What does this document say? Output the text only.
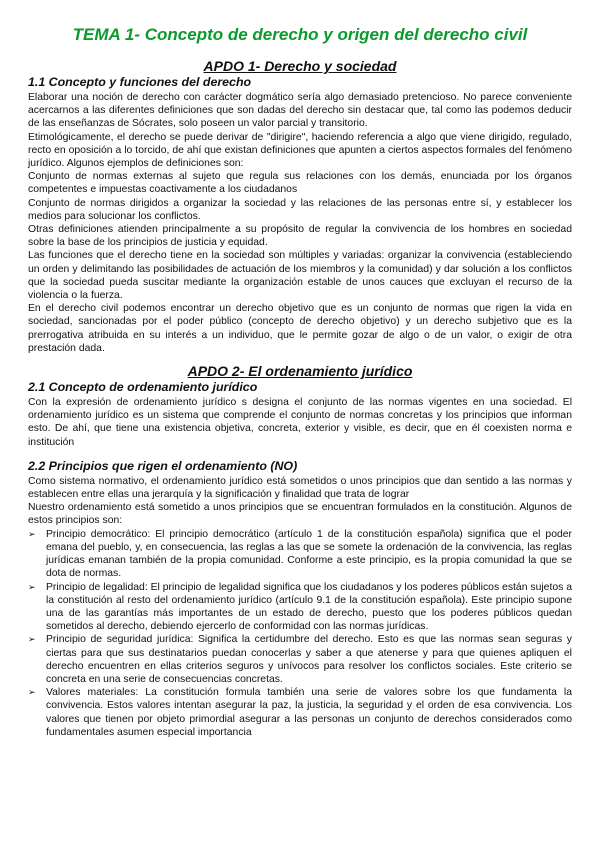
TEMA 1- Concepto de derecho y origen del derecho civil
APDO 1- Derecho y sociedad
1.1 Concepto y funciones del derecho

Elaborar una noción de derecho con carácter dogmático sería algo demasiado pretencioso. No parece conveniente acercarnos a las diferentes definiciones que son dadas del derecho sin destacar que, tal como las podemos deducir de las enseñanzas de Sócrates, solo poseen un valor parcial y transitorio.

Etimológicamente, el derecho se puede derivar de "dirigire", haciendo referencia a algo que viene dirigido, regulado, recto en oposición a lo torcido, de ahí que existan definiciones que apunten a ciertos aspectos formales del fenómeno jurídico. Algunos ejemplos de definiciones son:

Conjunto de normas externas al sujeto que regula sus relaciones con los demás, enunciada por los órganos competentes e impuestas coactivamente a los ciudadanos

Conjunto de normas dirigidos a organizar la sociedad y las relaciones de las personas entre sí, y establecer los medios para solucionar los conflictos.

Otras definiciones atienden principalmente a su propósito de regular la convivencia de los hombres en sociedad sobre la base de los principios de justicia y equidad.

Las funciones que el derecho tiene en la sociedad son múltiples y variadas: organizar la convivencia (estableciendo un orden y delimitando las posibilidades de actuación de los miembros y la comunidad) y dar solución a los conflictos que la sociedad pueda suscitar mediante la organización estable de unos cauces que excluyan el recurso de la violencia o la fuerza.

En el derecho civil podemos encontrar un derecho objetivo que es un conjunto de normas que rigen la vida en sociedad, sancionadas por el poder público (concepto de derecho objetivo) y un derecho subjetivo que es la prerrogativa atribuida en su interés a un individuo, que le permite gozar de algo o de un valor, o exigir de otra prestación dada.

APDO 2- El ordenamiento jurídico
2.1 Concepto de ordenamiento jurídico

Con la expresión de ordenamiento jurídico s designa el conjunto de las normas vigentes en una sociedad. El ordenamiento jurídico es un sistema que comprende el conjunto de normas concretas y los principios que informan esto. De ahí, que tiene una existencia objetiva, concreta, exterior y visible, es decir, que en él coexisten norma e institución

2.2 Principios que rigen el ordenamiento (NO)

Como sistema normativo, el ordenamiento jurídico está sometidos o unos principios que dan sentido a las normas y establecen entre ellas una jerarquía y la significación y finalidad que trata de lograr

Nuestro ordenamiento está sometido a unos principios que se encuentran formulados en la constitución. Algunos de estos principios son:

➢ Principio democrático: El principio democrático (artículo 1 de la constitución española) significa que el poder emana del pueblo, y, en consecuencia, las reglas a las que se somete la ordenación de la convivencia, las reglas jurídicas emanan también de la propia comunidad. Conforme a este principio, es la propia comunidad la que se dota de normas.
➢ Principio de legalidad: El principio de legalidad significa que los ciudadanos y los poderes públicos están sujetos a la constitución al resto del ordenamiento jurídico (artículo 9.1 de la constitución española). Este principio supone una de las garantías más importantes de un estado de derecho, puesto que los poderes públicos quedan sometidos al derecho, debiendo ejercerlo de conformidad con las normas jurídicas.
➢ Principio de seguridad jurídica: Significa la certidumbre del derecho. Esto es que las normas sean seguras y ciertas para que sus destinatarios puedan conocerlas y saber a que atenerse y para que quienes apliquen el derecho encuentren en ellas criterios seguros y unívocos para resolver los conflictos sociales. Este criterio se concreta en una serie de consecuencias concretas.
➢ Valores materiales: La constitución formula también una serie de valores sobre los que fundamenta la convivencia. Estos valores intentan asegurar la paz, la justicia, la seguridad y el orden de esa convivencia. Los valores que tienen por objeto primordial asegurar a las personas un conjunto de derechos considerados como fundamentales asumen especial importancia
